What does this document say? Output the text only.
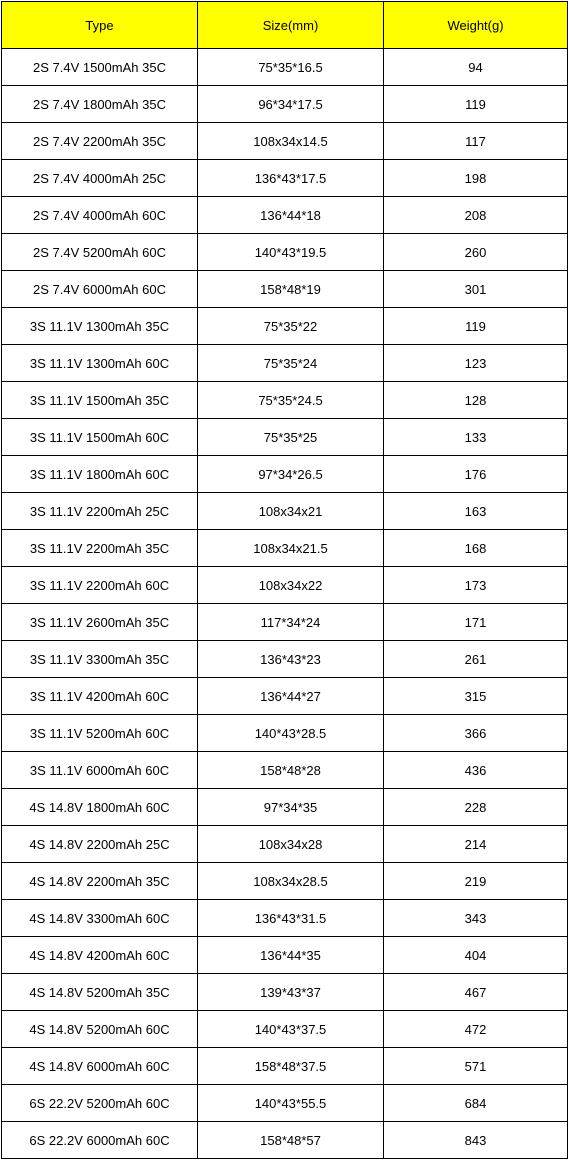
Type	Size(mm)	Weight(g)
2S 7.4V 1500mAh 35C	75*35*16.5	94
2S 7.4V 1800mAh 35C	96*34*17.5	119
2S 7.4V 2200mAh 35C	108x34x14.5	117
2S 7.4V 4000mAh 25C	136*43*17.5	198
2S 7.4V 4000mAh 60C	136*44*18	208
2S 7.4V 5200mAh 60C	140*43*19.5	260
2S 7.4V 6000mAh 60C	158*48*19	301
3S 11.1V 1300mAh 35C	75*35*22	119
3S 11.1V 1300mAh 60C	75*35*24	123
3S 11.1V 1500mAh 35C	75*35*24.5	128
3S 11.1V 1500mAh 60C	75*35*25	133
3S 11.1V 1800mAh 60C	97*34*26.5	176
3S 11.1V 2200mAh 25C	108x34x21	163
3S 11.1V 2200mAh 35C	108x34x21.5	168
3S 11.1V 2200mAh 60C	108x34x22	173
3S 11.1V 2600mAh 35C	117*34*24	171
3S 11.1V 3300mAh 35C	136*43*23	261
3S 11.1V 4200mAh 60C	136*44*27	315
3S 11.1V 5200mAh 60C	140*43*28.5	366
3S 11.1V 6000mAh 60C	158*48*28	436
4S 14.8V 1800mAh 60C	97*34*35	228
4S 14.8V 2200mAh 25C	108x34x28	214
4S 14.8V 2200mAh 35C	108x34x28.5	219
4S 14.8V 3300mAh 60C	136*43*31.5	343
4S 14.8V 4200mAh 60C	136*44*35	404
4S 14.8V 5200mAh 35C	139*43*37	467
4S 14.8V 5200mAh 60C	140*43*37.5	472
4S 14.8V 6000mAh 60C	158*48*37.5	571
6S 22.2V 5200mAh 60C	140*43*55.5	684
6S 22.2V 6000mAh 60C	158*48*57	843
